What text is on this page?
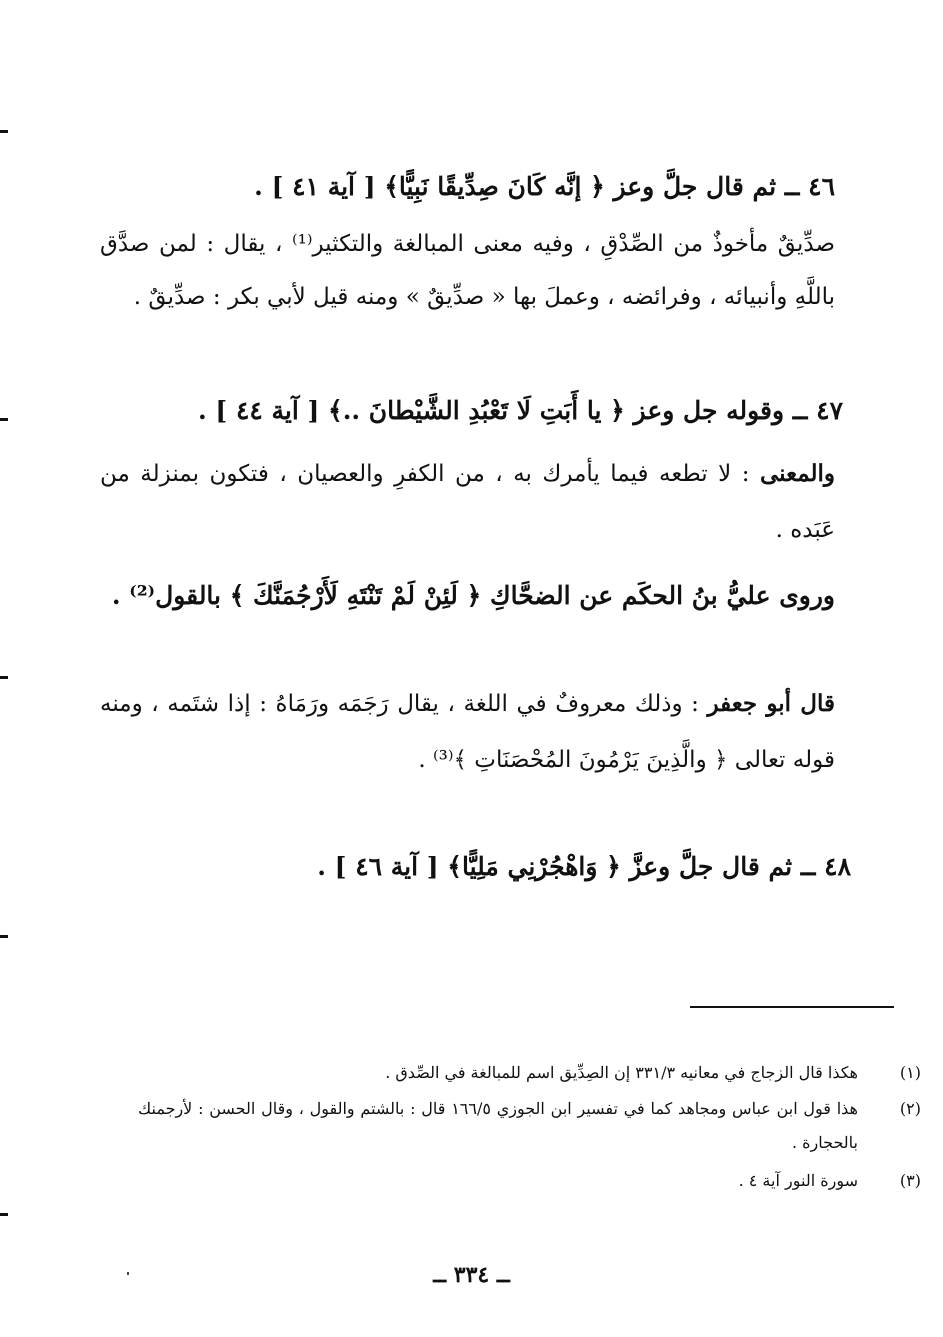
٤٦ ــ ثم قال جلَّ وعز ﴿ إنَّه كَانَ صِدِّيقًا نَبِيًّا﴾ [ آية ٤١ ] .
صدِّيقٌ مأخوذٌ من الصِّدْقِ ، وفيه معنى المبالغة والتكثير⁽¹⁾ ، يقال : لمن صدَّق باللَّهِ وأنبيائه ، وفرائضه ، وعملَ بها « صدِّيقٌ » ومنه قيل لأبي بكر : صدِّيقٌ .
٤٧ ــ وقوله جل وعز ﴿ يا أَبَتِ لَا تَعْبُدِ الشَّيْطانَ ..﴾ [ آية ٤٤ ] .
والمعنى : لا تطعه فيما يأمرك به ، من الكفرِ والعصيان ، فتكون بمنزلة من عَبَده .
وروى عليُّ بنُ الحكَم عن الضحَّاكِ ﴿ لَئِنْ لَمْ تَنْتَهِ لَأَرْجُمَنَّكَ ﴾ بالقول⁽²⁾ .
قال أبو جعفر : وذلك معروفٌ في اللغة ، يقال رَجَمَه ورَمَاهُ : إذا شتَمه ، ومنه قوله تعالى ﴿ والَّذِينَ يَرْمُونَ المُحْصَنَاتِ ﴾⁽³⁾ .
٤٨ ــ ثم قال جلَّ وعزَّ ﴿ وَاهْجُرْنِي مَلِيًّا﴾ [ آية ٤٦ ] .
(١)
هكذا قال الزجاج في معانيه ٣٣١/٣ إن الصِدِّيق اسم للمبالغة في الصِّدق .
(٢)
هذا قول ابن عباس ومجاهد كما في تفسير ابن الجوزي ١٦٦/٥ قال : بالشتم والقول ، وقال الحسن : لأرجمنك بالحجارة .
(٣)
سورة النور آية ٤ .
ــ ٣٣٤ ــ
